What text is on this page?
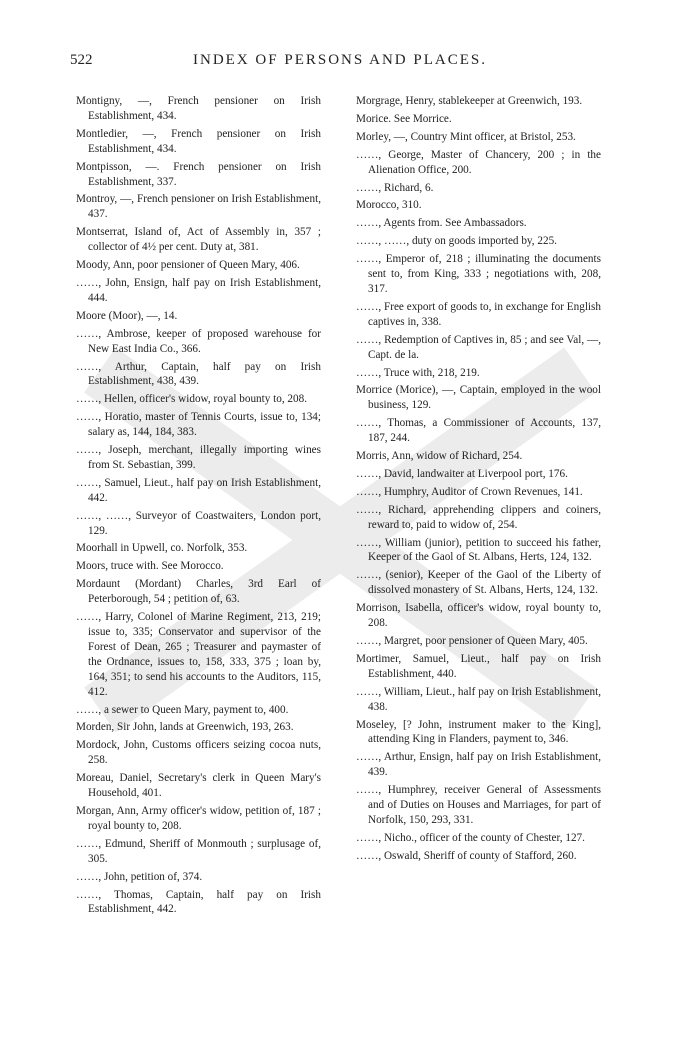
522	INDEX OF PERSONS AND PLACES.

Montigny, —, French pensioner on Irish Establishment, 434.

Montledier, —, French pensioner on Irish Establishment, 434.

Montpisson, —. French pensioner on Irish Establishment, 337.

Montroy, —, French pensioner on Irish Establishment, 437.

Montserrat, Island of, Act of Assembly in, 357 ; collector of 4½ per cent. Duty at, 381.

Moody, Ann, poor pensioner of Queen Mary, 406.

……, John, Ensign, half pay on Irish Establishment, 444.

Moore (Moor), —, 14.

……, Ambrose, keeper of proposed warehouse for New East India Co., 366.

……, Arthur, Captain, half pay on Irish Establishment, 438, 439.

……, Hellen, officer's widow, royal bounty to, 208.

……, Horatio, master of Tennis Courts, issue to, 134; salary as, 144, 184, 383.

……, Joseph, merchant, illegally importing wines from St. Sebastian, 399.

……, Samuel, Lieut., half pay on Irish Establishment, 442.

……, ……, Surveyor of Coastwaiters, London port, 129.

Moorhall in Upwell, co. Norfolk, 353.

Moors, truce with. See Morocco.

Mordaunt (Mordant) Charles, 3rd Earl of Peterborough, 54 ; petition of, 63.

……, Harry, Colonel of Marine Regiment, 213, 219; issue to, 335; Conservator and supervisor of the Forest of Dean, 265 ; Treasurer and paymaster of the Ordnance, issues to, 158, 333, 375 ; loan by, 164, 351; to send his accounts to the Auditors, 115, 412.

……, a sewer to Queen Mary, payment to, 400.

Morden, Sir John, lands at Greenwich, 193, 263.

Mordock, John, Customs officers seizing cocoa nuts, 258.

Moreau, Daniel, Secretary's clerk in Queen Mary's Household, 401.

Morgan, Ann, Army officer's widow, petition of, 187 ; royal bounty to, 208.

……, Edmund, Sheriff of Monmouth ; surplusage of, 305.

……, John, petition of, 374.

……, Thomas, Captain, half pay on Irish Establishment, 442.

Morgrage, Henry, stablekeeper at Greenwich, 193.

Morice. See Morrice.

Morley, —, Country Mint officer, at Bristol, 253.

……, George, Master of Chancery, 200 ; in the Alienation Office, 200.

……, Richard, 6.

Morocco, 310.

……, Agents from. See Ambassadors.

……, ……, duty on goods imported by, 225.

……, Emperor of, 218 ; illuminating the documents sent to, from King, 333 ; negotiations with, 208, 317.

……, Free export of goods to, in exchange for English captives in, 338.

……, Redemption of Captives in, 85 ; and see Val, —, Capt. de la.

……, Truce with, 218, 219.

Morrice (Morice), —, Captain, employed in the wool business, 129.

……, Thomas, a Commissioner of Accounts, 137, 187, 244.

Morris, Ann, widow of Richard, 254.

……, David, landwaiter at Liverpool port, 176.

……, Humphry, Auditor of Crown Revenues, 141.

……, Richard, apprehending clippers and coiners, reward to, paid to widow of, 254.

……, William (junior), petition to succeed his father, Keeper of the Gaol of St. Albans, Herts, 124, 132.

……, (senior), Keeper of the Gaol of the Liberty of dissolved monastery of St. Albans, Herts, 124, 132.

Morrison, Isabella, officer's widow, royal bounty to, 208.

……, Margret, poor pensioner of Queen Mary, 405.

Mortimer, Samuel, Lieut., half pay on Irish Establishment, 440.

……, William, Lieut., half pay on Irish Establishment, 438.

Moseley, [? John, instrument maker to the King], attending King in Flanders, payment to, 346.

……, Arthur, Ensign, half pay on Irish Establishment, 439.

……, Humphrey, receiver General of Assessments and of Duties on Houses and Marriages, for part of Norfolk, 150, 293, 331.

……, Nicho., officer of the county of Chester, 127.

……, Oswald, Sheriff of county of Stafford, 260.
